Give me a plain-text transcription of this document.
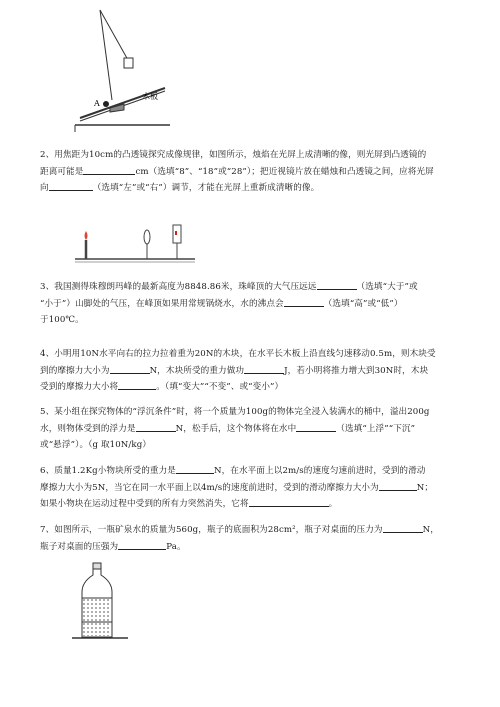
A
木板

2、用焦距为10cm的凸透镜探究成像规律，如图所示，烛焰在光屏上成清晰的像，则光屏到凸透镜的

距离可能是	cm（选填“8”、“18”或“28”）；把近视镜片放在蜡烛和凸透镜之间，应将光屏

向	（选填“左”或“右”）调节，才能在光屏上重新成清晰的像。

3、我国测得珠穆朗玛峰的最新高度为8848.86米，珠峰顶的大气压远远	（选填“大于”或

“小于”）山脚处的气压，在峰顶如果用常规锅烧水，水的沸点会	（选填“高”或“低”）

于100℃。

4、小明用10N水平向右的拉力拉着重为20N的木块，在水平长木板上沿直线匀速移动0.5m，则木块受

到的摩擦力大小为	N，木块所受的重力做功	J，若小明将推力增大到30N时，木块

受到的摩擦力大小将	。（填“变大”“不变”、或“变小”）

5、某小组在探究物体的“浮沉条件”时，将一个质量为100g的物体完全浸入装满水的桶中，溢出200g

水，则物体受到的浮力是	N，松手后，这个物体将在水中	（选填“上浮”“下沉”

或“悬浮”）。（g 取10N/kg）

6、质量1.2Kg小物块所受的重力是	N，在水平面上以2m/s的速度匀速前进时，受到的滑动

摩擦力大小为5N，当它在同一水平面上以4m/s的速度前进时，受到的滑动摩擦力大小为	N；

如果小物块在运动过程中受到的所有力突然消失，它将	。

7、如图所示，一瓶矿泉水的质量为560g，瓶子的底面积为28cm²，瓶子对桌面的压力为	N，

瓶子对桌面的压强为	Pa。
